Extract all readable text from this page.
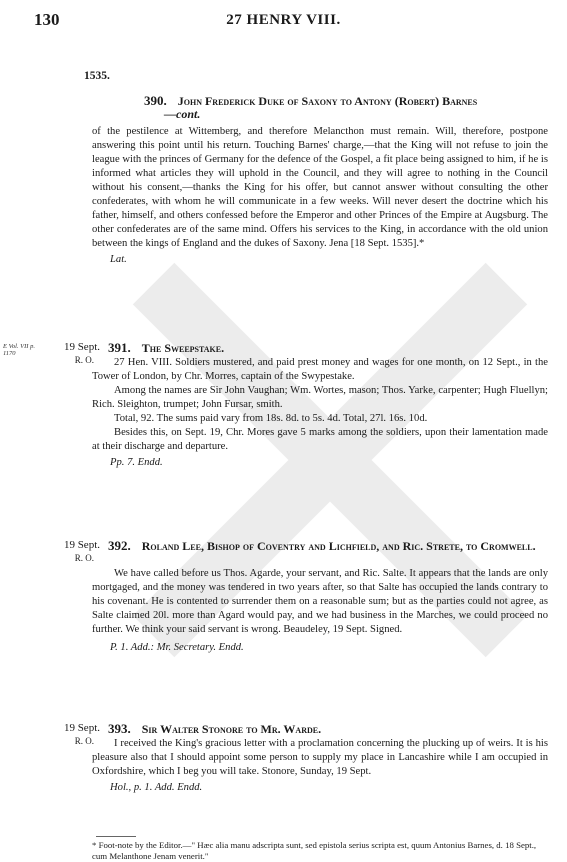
130	27 HENRY VIII.
1535.
390. John Frederick Duke of Saxony to Antony (Robert) Barnes
—cont.

of the pestilence at Wittemberg, and therefore Melancthon must remain. Will, therefore, postpone answering this point until his return. Touching Barnes' charge,—that the King will not refuse to join the league with the princes of Germany for the defence of the Gospel, a fit place being assigned to him, if he is informed what articles they will uphold in the Council, and they will agree to nothing in the Council without his consent,—thanks the King for his offer, but cannot answer without consulting the other confederates, with whom he will communicate in a few weeks. Will never desert the doctrine which his father, himself, and others confessed before the Emperor and other Princes of the Empire at Augsburg. The other confederates are of the same mind. Offers his services to the King, in accordance with the old union between the kings of England and the dukes of Saxony. Jena [18 Sept. 1535].*

Lat.
E Vol. VII p. 1170
19 Sept.
R. O.
391. The Sweepstake.

27 Hen. VIII. Soldiers mustered, and paid prest money and wages for one month, on 12 Sept., in the Tower of London, by Chr. Morres, captain of the Swypestake.

Among the names are Sir John Vaughan; Wm. Wortes, mason; Thos. Yarke, carpenter; Hugh Fluellyn; Rich. Sleighton, trumpet; John Fursar, smith.

Total, 92. The sums paid vary from 18s. 8d. to 5s. 4d. Total, 27l. 16s. 10d.

Besides this, on Sept. 19, Chr. Mores gave 5 marks among the soldiers, upon their lamentation made at their discharge and departure.

Pp. 7. Endd.
19 Sept.
R. O.
392. Roland Lee, Bishop of Coventry and Lichfield, and Ric. Strete, to Cromwell.

We have called before us Thos. Agarde, your servant, and Ric. Salte. It appears that the lands are only mortgaged, and the money was tendered in two years after, so that Salte has occupied the lands contrary to his covenant. He is contented to surrender them on a reasonable sum; but as the parties could not agree, as Salte claimed 20l. more than Agard would pay, and we had business in the Marches, we could proceed no further. We think your said servant is wrong. Beaudeley, 19 Sept. Signed.

P. 1. Add.: Mr. Secretary. Endd.
19 Sept.
R. O.
393. Sir Walter Stonore to Mr. Warde.

I received the King's gracious letter with a proclamation concerning the plucking up of weirs. It is his pleasure also that I should appoint some person to supply my place in Lancashire while I am occupied in Oxfordshire, which I beg you will take. Stonore, Sunday, 19 Sept.

Hol., p. 1. Add. Endd.
* Foot-note by the Editor.—" Hæc alia manu adscripta sunt, sed epistola serius scripta est, quum Antonius Barnes, d. 18 Sept., cum Melanthone Jenam venerit."
